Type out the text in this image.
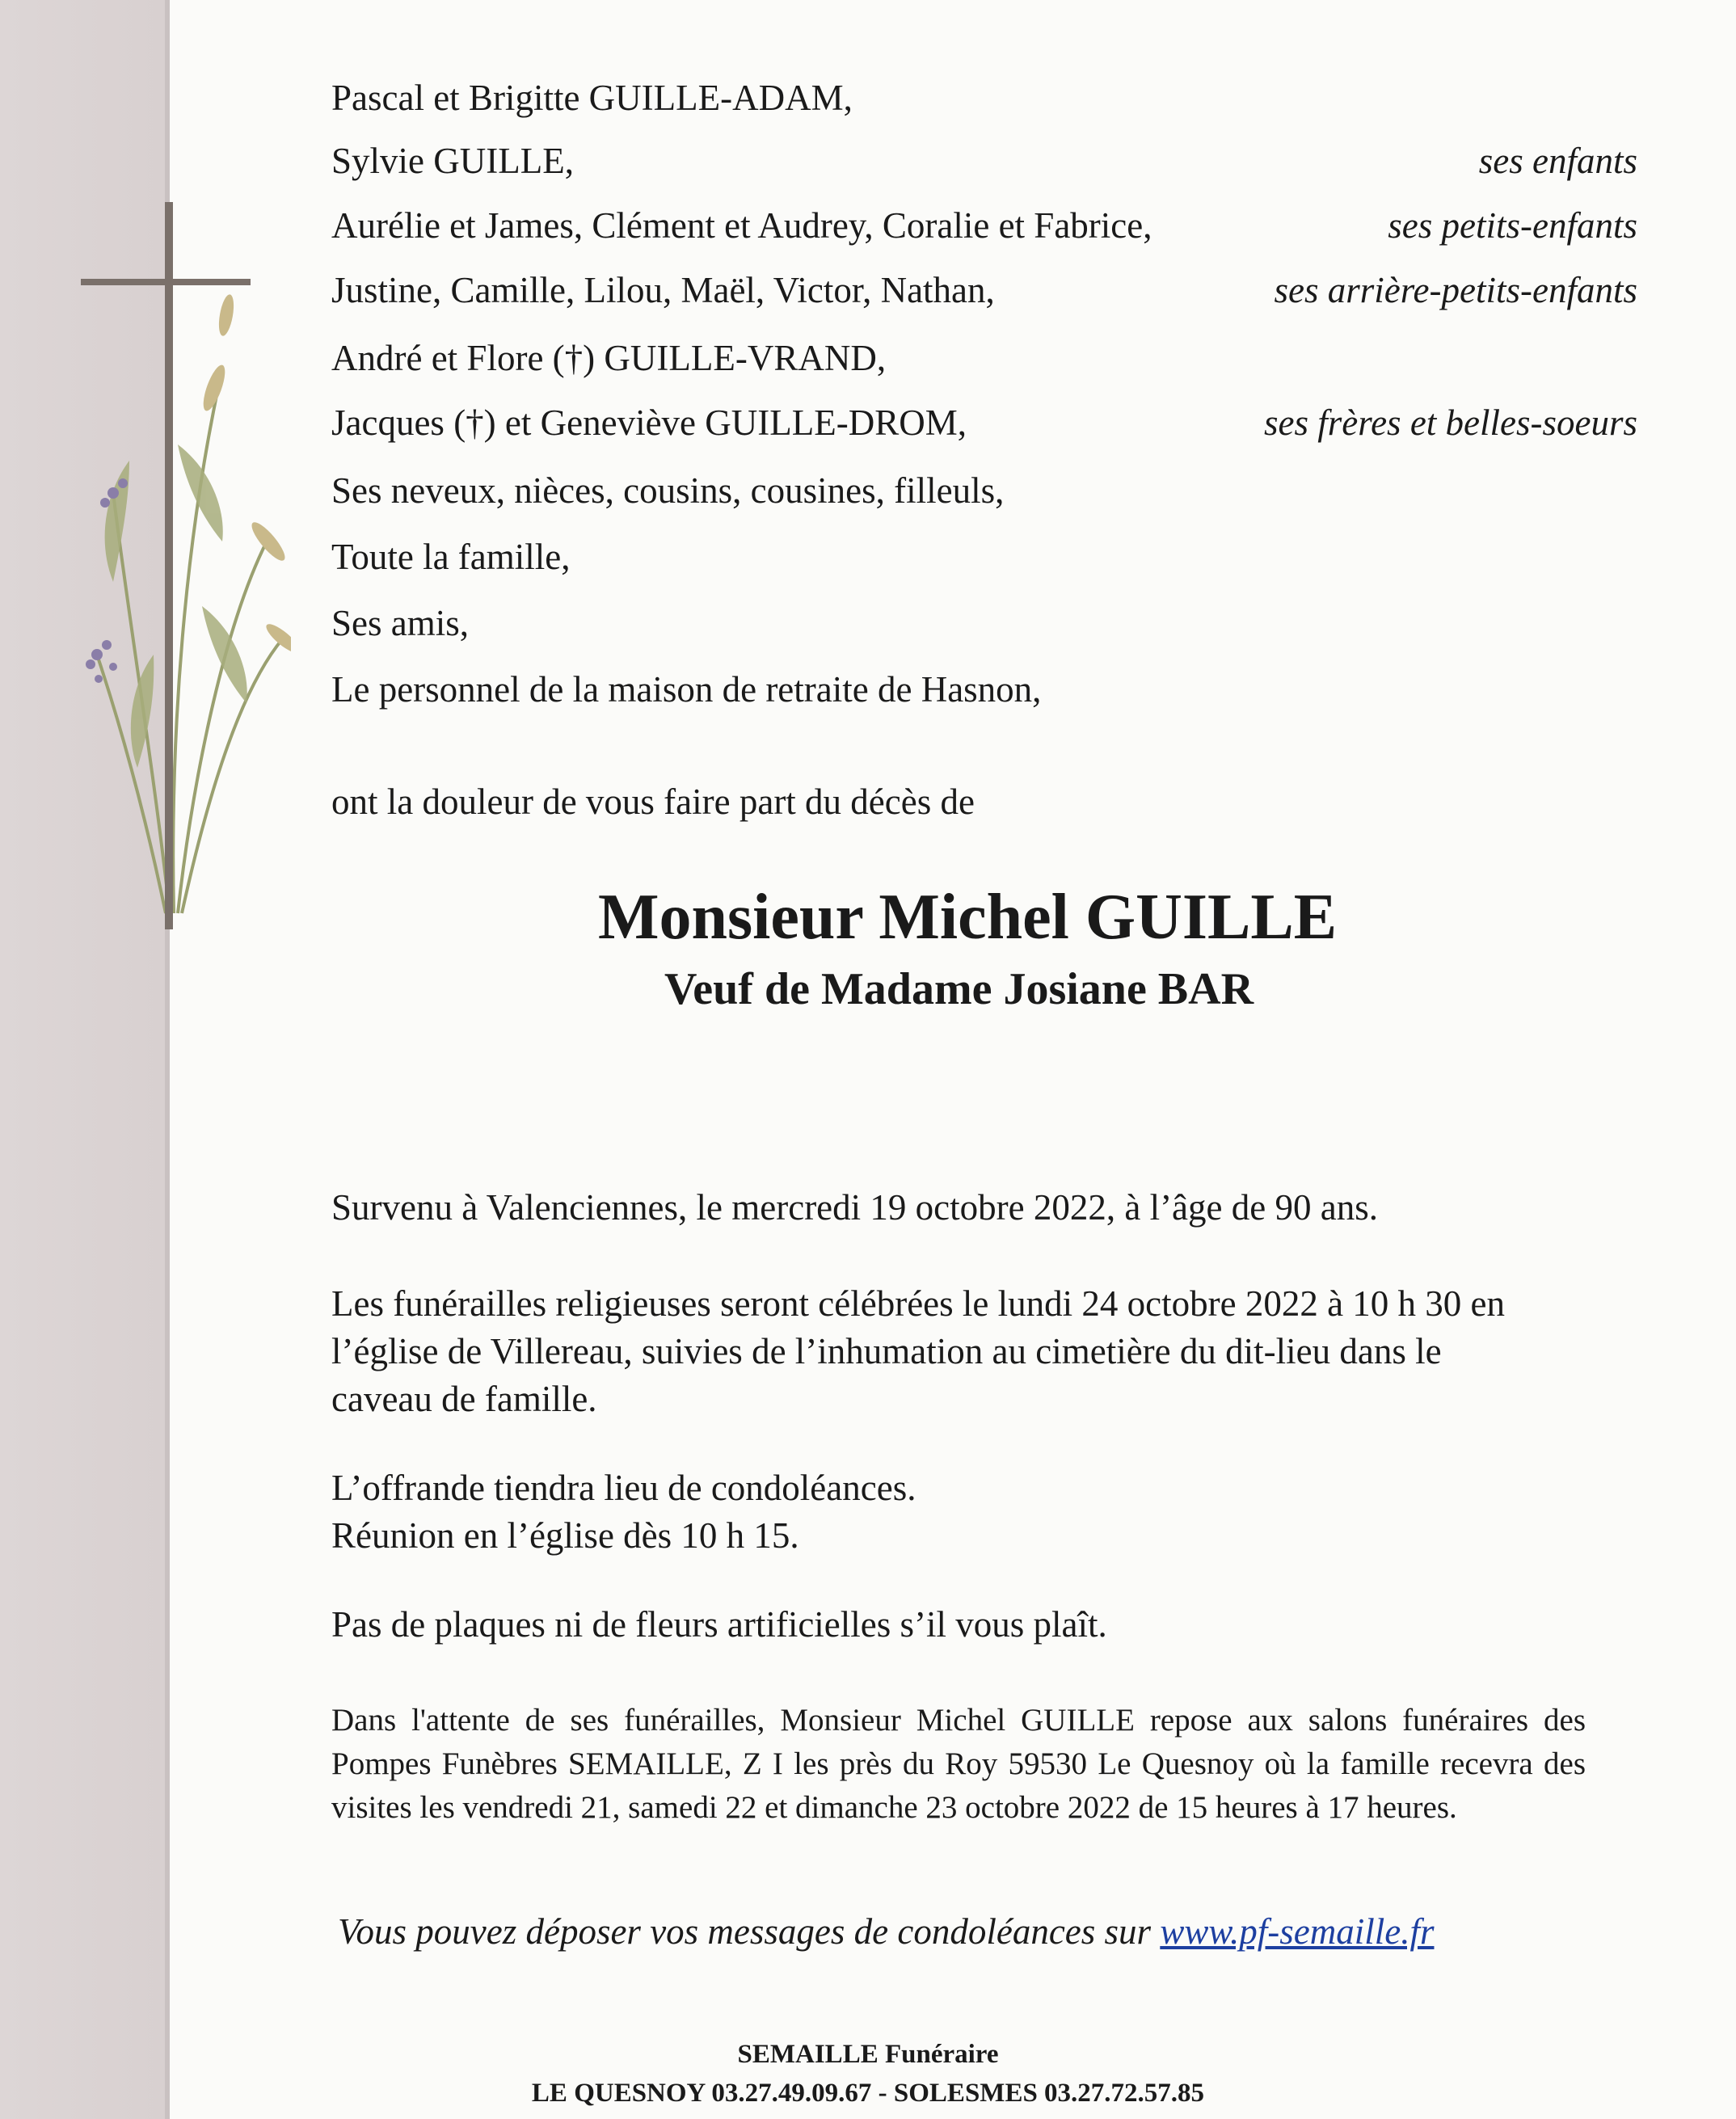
Pascal et Brigitte GUILLE-ADAM,
Sylvie GUILLE,	ses enfants
Aurélie et James, Clément et Audrey, Coralie et Fabrice,	ses petits-enfants
Justine, Camille, Lilou, Maël, Victor, Nathan,	ses arrière-petits-enfants
André et Flore (†) GUILLE-VRAND,
Jacques (†) et Geneviève GUILLE-DROM,	ses frères et belles-soeurs
Ses neveux, nièces, cousins, cousines, filleuls,
Toute la famille,
Ses amis,
Le personnel de la maison de retraite de Hasnon,
ont la douleur de vous faire part du décès de
Monsieur Michel GUILLE
Veuf de Madame Josiane BAR
Survenu à Valenciennes, le mercredi 19 octobre 2022, à l’âge de 90 ans.
Les funérailles religieuses seront célébrées le lundi 24 octobre 2022 à 10 h 30 en
l’église de Villereau, suivies de l’inhumation au cimetière du dit-lieu dans le
caveau de famille.
L’offrande tiendra lieu de condoléances.
Réunion en l’église dès 10 h 15.
Pas de plaques ni de fleurs artificielles s’il vous plaît.
Dans l'attente de ses funérailles, Monsieur Michel GUILLE repose aux salons funéraires des Pompes Funèbres SEMAILLE, Z I les près du Roy 59530 Le Quesnoy où la famille recevra des visites les vendredi 21, samedi 22 et dimanche 23 octobre 2022 de 15 heures à 17 heures.
Vous pouvez déposer vos messages de condoléances sur www.pf-semaille.fr
SEMAILLE Funéraire
LE QUESNOY 03.27.49.09.67 - SOLESMES 03.27.72.57.85
